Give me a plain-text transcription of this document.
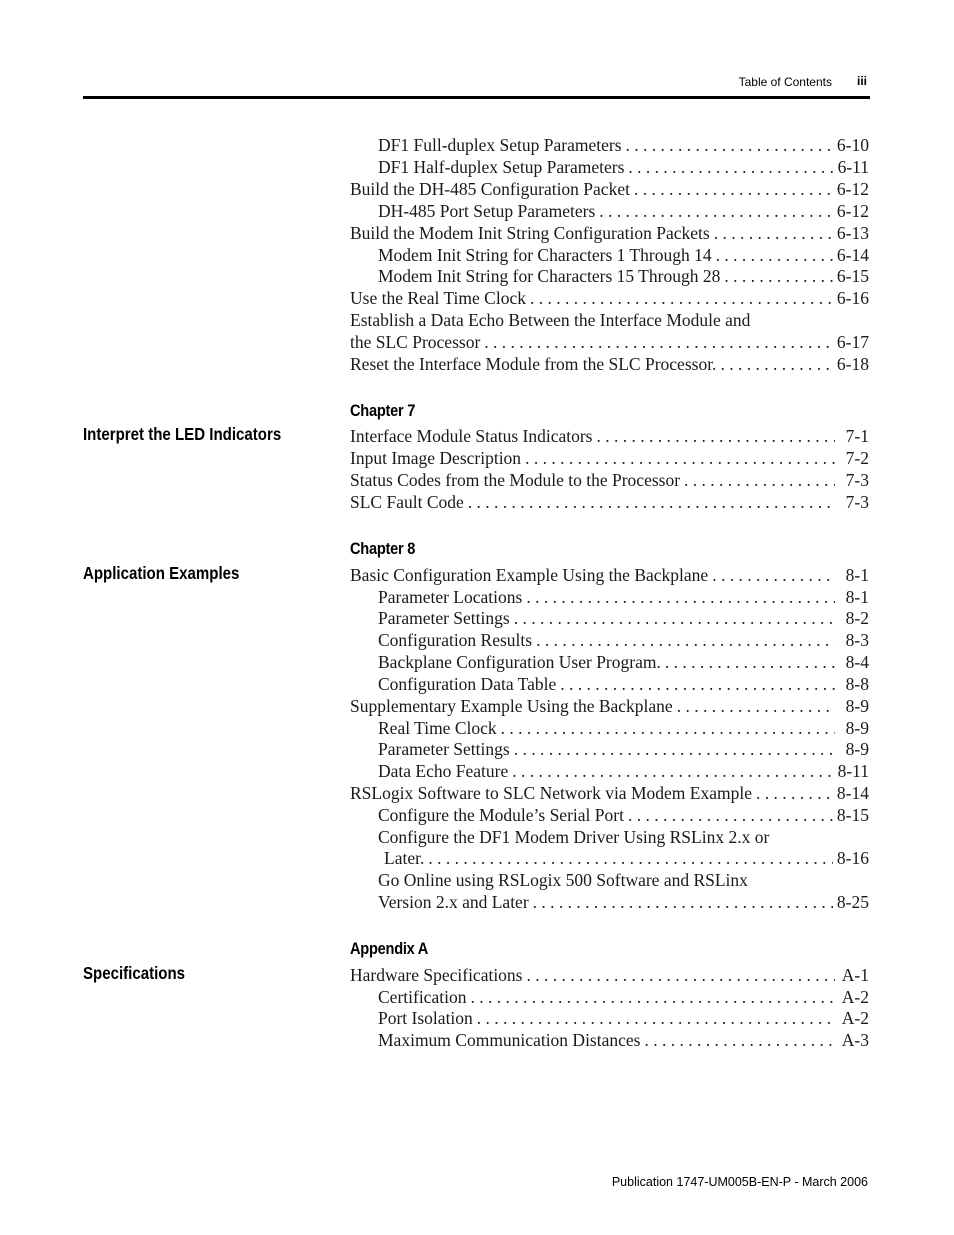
Table of Contents iii
DF1 Full-duplex Setup Parameters . . .	6-10
DF1 Half-duplex Setup Parameters . . .	6-11
Build the DH-485 Configuration Packet . . .	6-12
DH-485 Port Setup Parameters . . .	6-12
Build the Modem Init String Configuration Packets . . .	6-13
Modem Init String for Characters 1 Through 14 . . .	6-14
Modem Init String for Characters 15 Through 28 . . .	6-15
Use the Real Time Clock . . .	6-16
Establish a Data Echo Between the Interface Module and
the SLC Processor . . .	6-17
Reset the Interface Module from the SLC Processor. . . .	6-18
Chapter 7
Interpret the LED Indicators	Interface Module Status Indicators . . .	7-1
Input Image Description . . .	7-2
Status Codes from the Module to the Processor . . .	7-3
SLC Fault Code . . .	7-3
Chapter 8
Application Examples	Basic Configuration Example Using the Backplane . . .	8-1
Parameter Locations . . .	8-1
Parameter Settings . . .	8-2
Configuration Results . . .	8-3
Backplane Configuration User Program. . . .	8-4
Configuration Data Table . . .	8-8
Supplementary Example Using the Backplane . . .	8-9
Real Time Clock . . .	8-9
Parameter Settings . . .	8-9
Data Echo Feature . . .	8-11
RSLogix Software to SLC Network via Modem Example . . .	8-14
Configure the Module’s Serial Port . . .	8-15
Configure the DF1 Modem Driver Using RSLinx 2.x or
Later. . . .	8-16
Go Online using RSLogix 500 Software and RSLinx
Version 2.x and Later . . .	8-25
Appendix A
Specifications	Hardware Specifications . . .	A-1
Certification . . .	A-2
Port Isolation . . .	A-2
Maximum Communication Distances . . .	A-3
Publication 1747-UM005B-EN-P - March 2006
